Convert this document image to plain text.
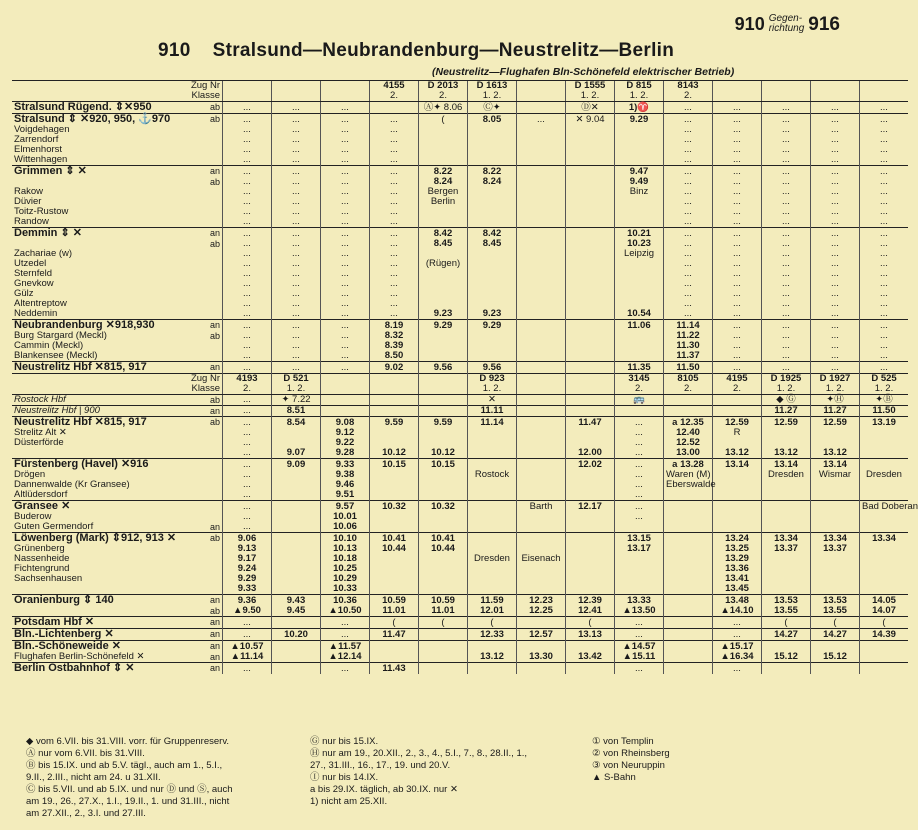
910 Gegen-
richtung 916
910 Stralsund—Neubrandenburg—Neustrelitz—Berlin
(Neustrelitz—Flughafen Bln-Schönefeld elektrischer Betrieb)
Zug Nr				4155	D 2013	D 1613		D 1555	D 815	8143				
Klasse				2.	2.	1. 2.		1. 2.	1. 2.	2.				

ab
Stralsund Rügend. ⇕✕950	...	...	...		Ⓐ✦ 8.06	Ⓒ✦		Ⓓ✕	1)♈	...	...	...	...	...

ab
Stralsund ⇕ ✕920, 950, ⚓970	...	...	...	...	(	8.05	...	✕ 9.04	9.29	...	...	...	...	...

Voigdehagen	...	...	...	...						...	...	...	...	...

Zarrendorf	...	...	...	...						...	...	...	...	...

Elmenhorst	...	...	...	...						...	...	...	...	...

Wittenhagen	...	...	...	...						...	...	...	...	...

an
Grimmen ⇕ ✕	...	...	...	...	8.22	8.22			9.47	...	...	...	...	...

ab	...	...	...	...	8.24	8.24			9.49	...	...	...	...	...

Rakow	...	...	...	...	Bergen				Binz	...	...	...	...	...

Düvier	...	...	...	...	Berlin					...	...	...	...	...

Toitz-Rustow	...	...	...	...						...	...	...	...	...

Randow	...	...	...	...						...	...	...	...	...

an
Demmin ⇕ ✕	...	...	...	...	8.42	8.42			10.21	...	...	...	...	...

ab	...	...	...	...	8.45	8.45			10.23	...	...	...	...	...

Zachariae (w)	...	...	...	...					Leipzig	...	...	...	...	...

Utzedel	...	...	...	...	(Rügen)					...	...	...	...	...

Sternfeld	...	...	...	...						...	...	...	...	...

Gnevkow	...	...	...	...						...	...	...	...	...

Gülz	...	...	...	...						...	...	...	...	...

Altentreptow	...	...	...	...						...	...	...	...	...

Neddemin	...	...	...	...	9.23	9.23			10.54	...	...	...	...	...

an
Neubrandenburg ✕918,930	...	...	...	8.19	9.29	9.29			11.06	11.14	...	...	...	...

ab
Burg Stargard (Meckl)	...	...	...	8.32						11.22	...	...	...	...

Cammin (Meckl)	...	...	...	8.39						11.30	...	...	...	...

Blankensee (Meckl)	...	...	...	8.50						11.37	...	...	...	...

an
Neustrelitz Hbf ✕815, 917	...	...	...	9.02	9.56	9.56			11.35	11.50	...	...	...	...
Zug Nr	4193	D 521				D 923			3145	8105	4195	D 1925	D 1927	D 525
Klasse	2.	1. 2.				1. 2.			2.	2.	2.	1. 2.	1. 2.	1. 2.

ab
Rostock Hbf	...	✦ 7.22				✕			🚌			◆ Ⓖ	✦Ⓗ	✦Ⓑ

an
Neustrelitz Hbf | 900	...	8.51				11.11						11.27	11.27	11.50

ab
Neustrelitz Hbf ✕815, 917	...	8.54	9.08	9.59	9.59	11.14		11.47	...	a 12.35	12.59	12.59	12.59	13.19

Strelitz Alt ✕	...		9.12						...	12.40	R			

Düsterförde	...		9.22						...	12.52				

	...	9.07	9.28	10.12	10.12			12.00	...	13.00	13.12	13.12	13.12	

Fürstenberg (Havel) ✕916	...	9.09	9.33	10.15	10.15			12.02	...	a 13.28	13.14	13.14	13.14	

Drögen	...		9.38			Rostock			...	Waren (M)		Dresden	Wismar	Dresden

Dannenwalde (Kr Gransee)	...		9.46						...	Eberswalde				

Altlüdersdorf	...		9.51						...					

Gransee ✕	...		9.57	10.32	10.32		Barth	12.17	...					Bad Doberan

Buderow	...		10.01						...					

an
Guten Germendorf	...		10.06											

ab
Löwenberg (Mark) ⇕912, 913 ✕	9.06		10.10	10.41	10.41				13.15		13.24	13.34	13.34	13.34

Grünenberg	9.13		10.13	10.44	10.44				13.17		13.25	13.37	13.37	

Nassenheide	9.17		10.18			Dresden	Eisenach				13.29			

Fichtengrund	9.24		10.25								13.36			

Sachsenhausen	9.29		10.29								13.41			

	9.33		10.33								13.45			

an
Oranienburg ⇕ 140	9.36	9.43	10.36	10.59	10.59	11.59	12.23	12.39	13.33		13.48	13.53	13.53	14.05

ab	▲9.50	9.45	▲10.50	11.01	11.01	12.01	12.25	12.41	▲13.50		▲14.10	13.55	13.55	14.07

an
Potsdam Hbf ✕	...		...	(	(	(		(	...		...	(	(	(

an
Bln.-Lichtenberg ✕	...	10.20	...	11.47		12.33	12.57	13.13	...		...	14.27	14.27	14.39

an
Bln.-Schöneweide ✕	▲10.57		▲11.57						▲14.57		▲15.17			

an
Flughafen Berlin-Schönefeld ✕	▲11.14		▲12.14			13.12	13.30	13.42	▲15.11		▲16.34	15.12	15.12	

an
Berlin Ostbahnhof ⇕ ✕	...		...	11.43					...		...			
◆ vom 6.VII. bis 31.VIII. vorr. für Gruppenreserv.
Ⓐ nur vom 6.VII. bis 31.VIII.
Ⓑ bis 15.IX. und ab 5.V. tägl., auch am 1., 5.I.,
9.II., 2.III., nicht am 24. u 31.XII.
Ⓒ bis 5.VII. und ab 5.IX. und nur Ⓓ und Ⓢ, auch
am 19., 26., 27.X., 1.I., 19.II., 1. und 31.III., nicht
am 27.XII., 2., 3.I. und 27.III.
Ⓖ nur bis 15.IX.
Ⓗ nur am 19., 20.XII., 2., 3., 4., 5.I., 7., 8., 28.II., 1.,
27., 31.III., 16., 17., 19. und 20.V.
Ⓘ nur bis 14.IX.
a bis 29.IX. täglich, ab 30.IX. nur ✕
1) nicht am 25.XII.
① von Templin
② von Rheinsberg
③ von Neuruppin
▲ S-Bahn
